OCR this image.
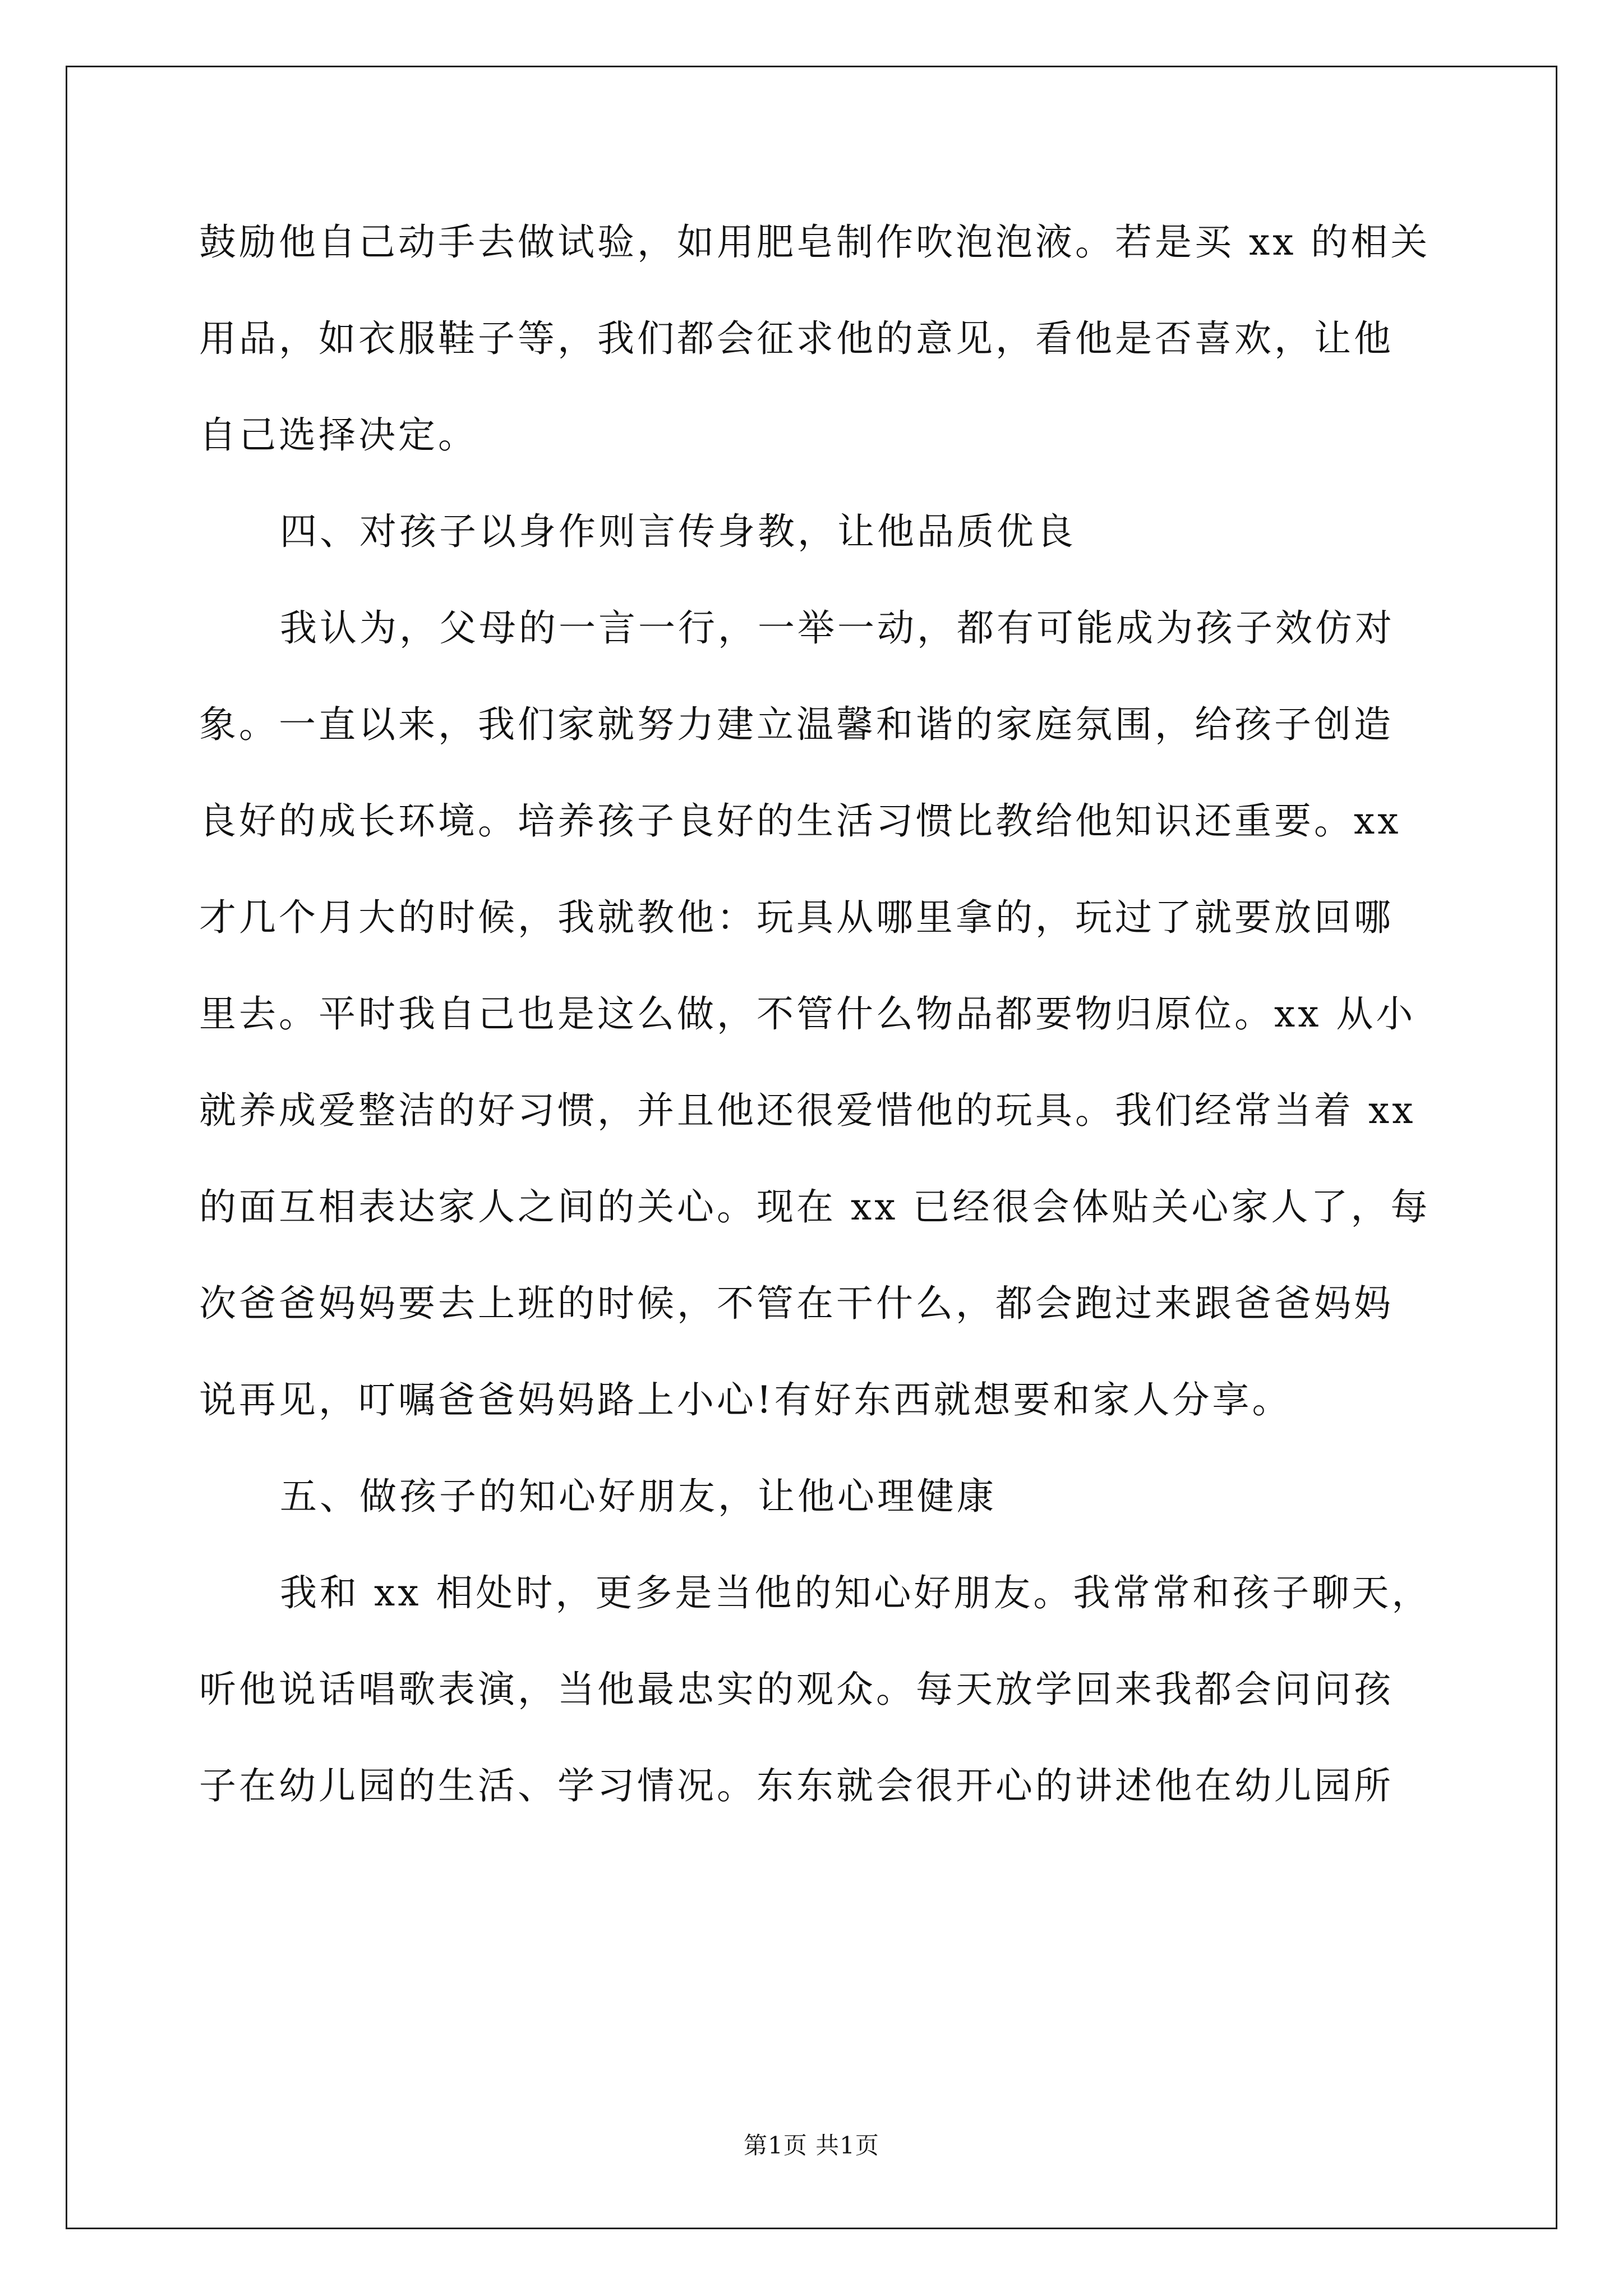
鼓励他自己动手去做试验，如用肥皂制作吹泡泡液。若是买 xx 的相关
用品，如衣服鞋子等，我们都会征求他的意见，看他是否喜欢，让他
自己选择决定。
四、对孩子以身作则言传身教，让他品质优良
我认为，父母的一言一行，一举一动，都有可能成为孩子效仿对
象。一直以来，我们家就努力建立温馨和谐的家庭氛围，给孩子创造
良好的成长环境。培养孩子良好的生活习惯比教给他知识还重要。xx
才几个月大的时候，我就教他：玩具从哪里拿的，玩过了就要放回哪
里去。平时我自己也是这么做，不管什么物品都要物归原位。xx 从小
就养成爱整洁的好习惯，并且他还很爱惜他的玩具。我们经常当着 xx
的面互相表达家人之间的关心。现在 xx 已经很会体贴关心家人了，每
次爸爸妈妈要去上班的时候，不管在干什么，都会跑过来跟爸爸妈妈
说再见，叮嘱爸爸妈妈路上小心!有好东西就想要和家人分享。
五、做孩子的知心好朋友，让他心理健康
我和 xx 相处时，更多是当他的知心好朋友。我常常和孩子聊天，
听他说话唱歌表演，当他最忠实的观众。每天放学回来我都会问问孩
子在幼儿园的生活、学习情况。东东就会很开心的讲述他在幼儿园所
第1页 共1页
